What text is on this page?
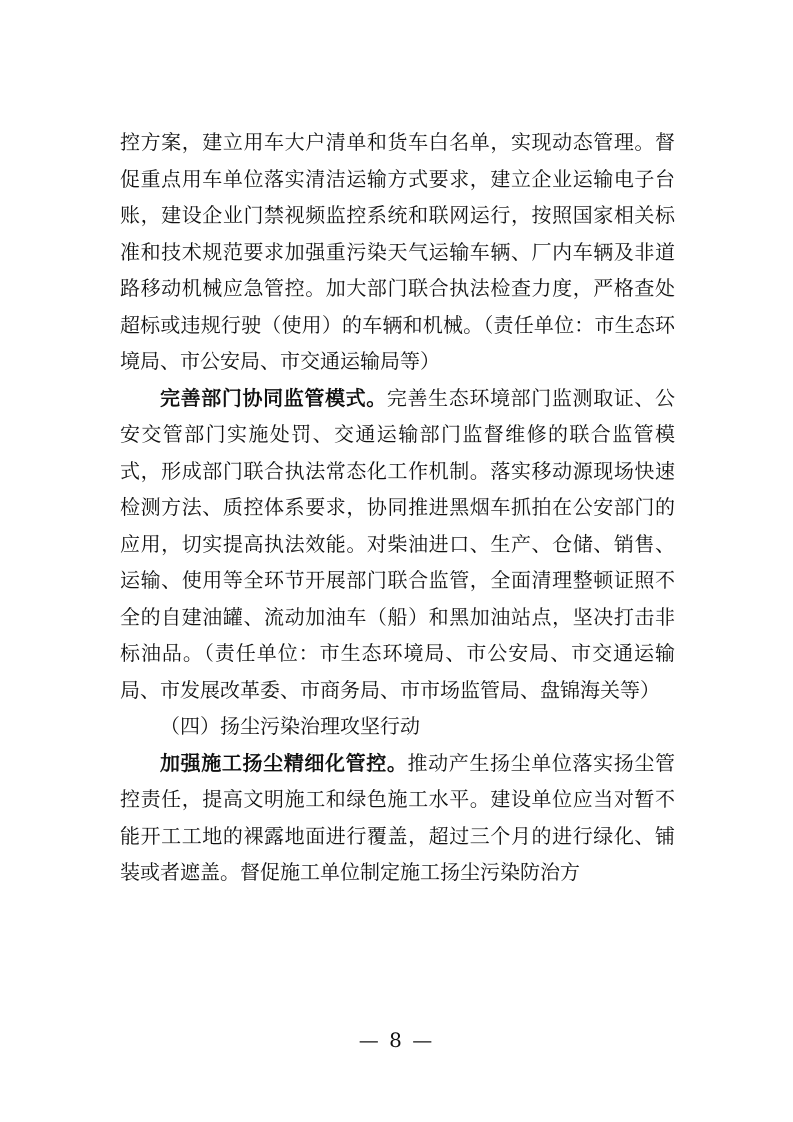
控方案，建立用车大户清单和货车白名单，实现动态管理。督促重点用车单位落实清洁运输方式要求，建立企业运输电子台账，建设企业门禁视频监控系统和联网运行，按照国家相关标准和技术规范要求加强重污染天气运输车辆、厂内车辆及非道路移动机械应急管控。加大部门联合执法检查力度，严格查处超标或违规行驶（使用）的车辆和机械。（责任单位：市生态环境局、市公安局、市交通运输局等）

完善部门协同监管模式。完善生态环境部门监测取证、公安交管部门实施处罚、交通运输部门监督维修的联合监管模式，形成部门联合执法常态化工作机制。落实移动源现场快速检测方法、质控体系要求，协同推进黑烟车抓拍在公安部门的应用，切实提高执法效能。对柴油进口、生产、仓储、销售、运输、使用等全环节开展部门联合监管，全面清理整顿证照不全的自建油罐、流动加油车（船）和黑加油站点，坚决打击非标油品。（责任单位：市生态环境局、市公安局、市交通运输局、市发展改革委、市商务局、市市场监管局、盘锦海关等）

（四）扬尘污染治理攻坚行动

加强施工扬尘精细化管控。推动产生扬尘单位落实扬尘管控责任，提高文明施工和绿色施工水平。建设单位应当对暂不能开工工地的裸露地面进行覆盖，超过三个月的进行绿化、铺装或者遮盖。督促施工单位制定施工扬尘污染防治方

— 8 —
